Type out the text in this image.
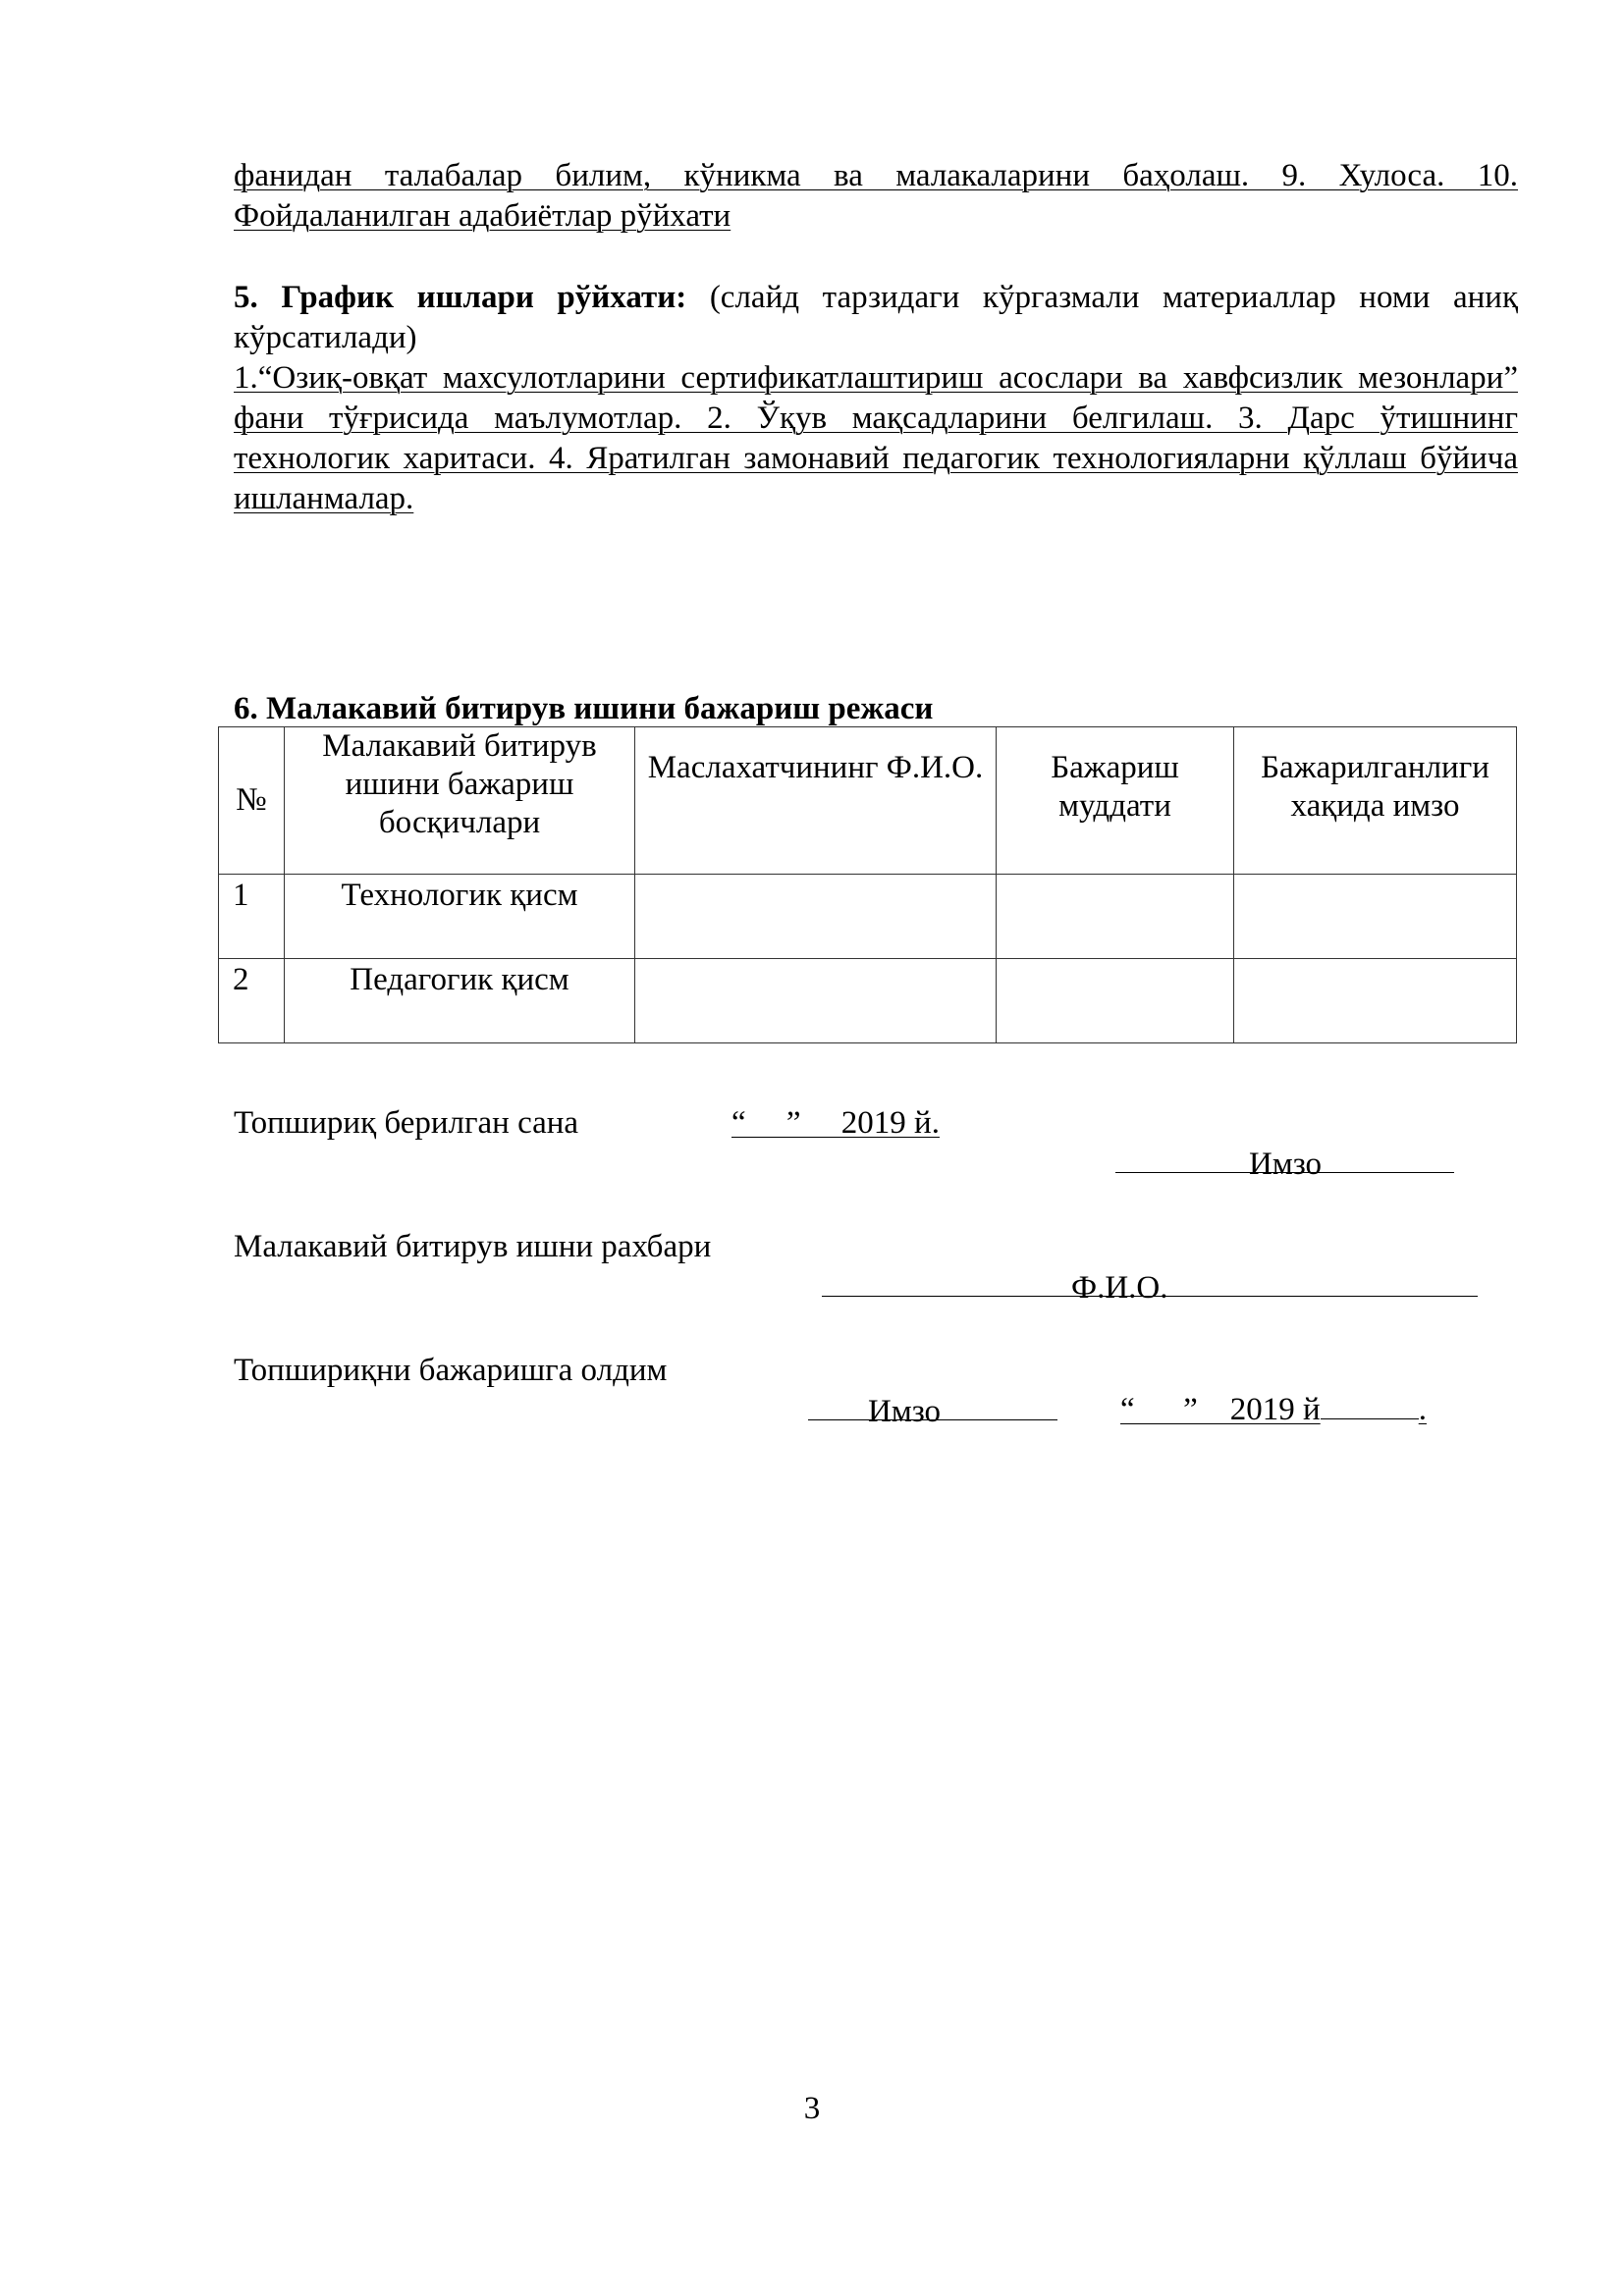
фанидан талабалар билим, кўникма ва малакаларини баҳолаш. 9. Хулоса. 10.
Фойдаланилган адабиётлар рўйхати
5. График ишлари рўйхати: (слайд тарзидаги кўргазмали материаллар номи аниқ кўрсатилади)
1.“Озиқ-овқат махсулотларини сертификатлаштириш асослари ва хавфсизлик мезонлари” фани тўғрисида маълумотлар. 2. Ўқув мақсадларини белгилаш. 3. Дарс ўтишнинг технологик харитаси. 4. Яратилган замонавий педагогик технологияларни қўллаш бўйича ишланмалар.
6. Малакавий битирув ишини бажариш режаси
№	Малакавий битирув ишини бажариш босқичлари	Маслахатчининг Ф.И.О.	Бажариш муддати	Бажарилганлиги хақида имзо
1	Технологик қисм			
2	Педагогик қисм			
Топшириқ берилган сана	“     ”     2019 й.

Имзо
Малакавий битирув ишни рахбари

Ф.И.О.
Топшириқни бажаришга олдим

“      ”    2019 й	.

Имзо
3
